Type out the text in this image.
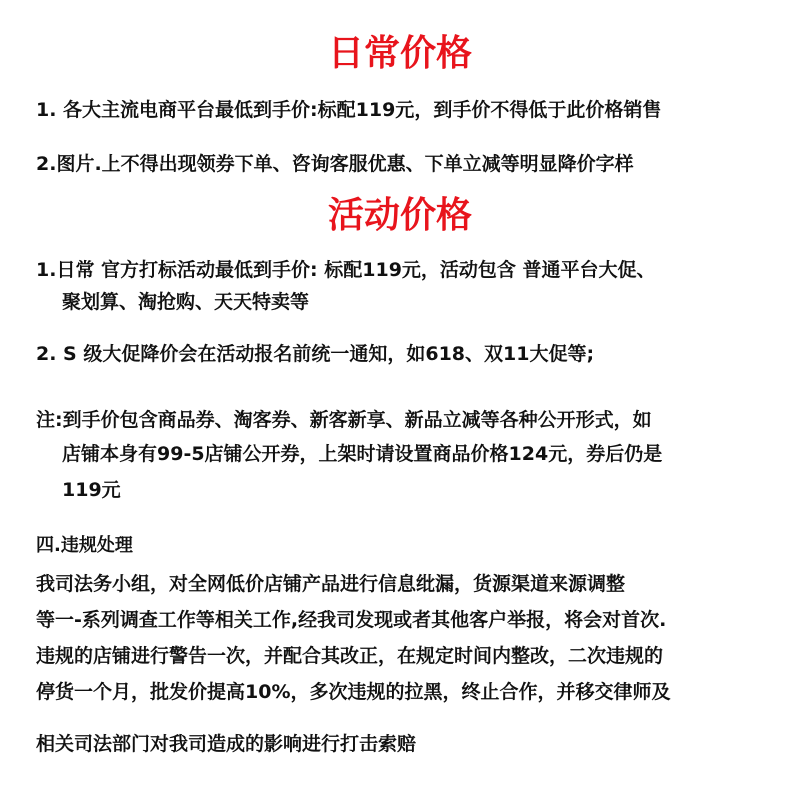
日常价格
1. 各大主流电商平台最低到手价:标配119元，到手价不得低于此价格销售
2.图片.上不得出现领券下单、咨询客服优惠、下单立减等明显降价字样
活动价格
1.日常 官方打标活动最低到手价: 标配119元，活动包含 普通平台大促、
聚划算、淘抢购、天天特卖等
2. S 级大促降价会在活动报名前统一通知，如618、双11大促等;
注:到手价包含商品券、淘客券、新客新享、新品立减等各种公开形式，如
店铺本身有99-5店铺公开券，上架时请设置商品价格124元，券后仍是
119元
四.违规处理
我司法务小组，对全网低价店铺产品进行信息纰漏，货源渠道来源调整
等一-系列调查工作等相关工作,经我司发现或者其他客户举报，将会对首次.
违规的店铺进行警告一次，并配合其改正，在规定时间内整改，二次违规的
停货一个月，批发价提高10%，多次违规的拉黑，终止合作，并移交律师及
相关司法部门对我司造成的影响进行打击索赔
